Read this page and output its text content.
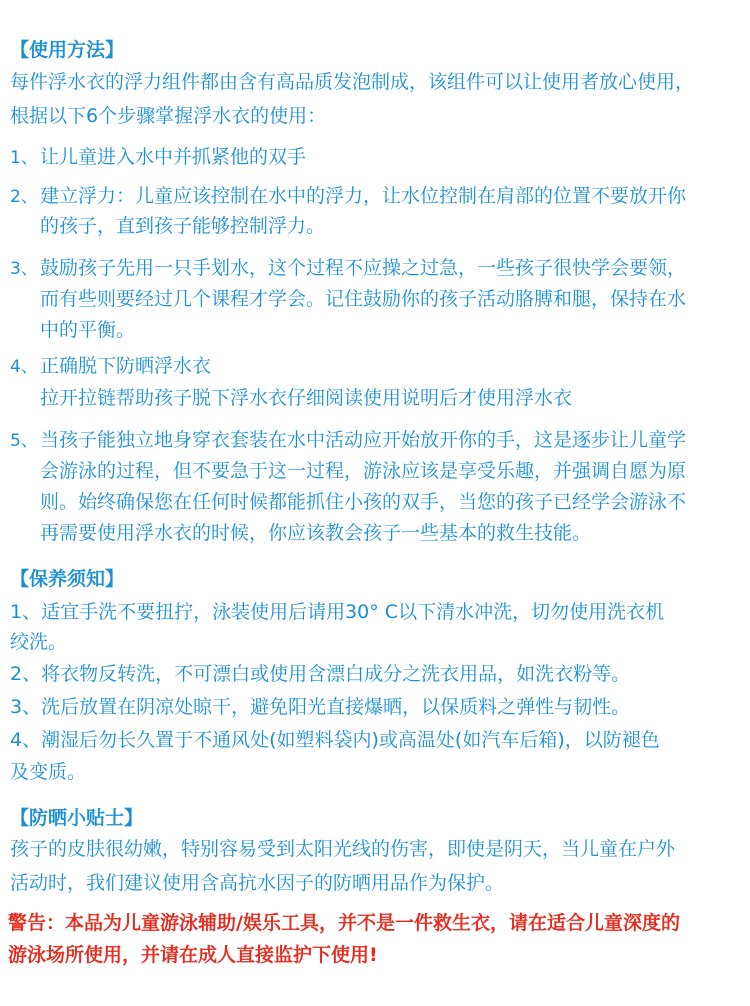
【使用方法】
每件浮水衣的浮力组件都由含有高品质发泡制成，该组件可以让使用者放心使用，
根据以下6个步骤掌握浮水衣的使用：
1、 让儿童进入水中并抓紧他的双手
2、 建立浮力：儿童应该控制在水中的浮力，让水位控制在肩部的位置不要放开你
的孩子，直到孩子能够控制浮力。
3、 鼓励孩子先用一只手划水，这个过程不应操之过急，一些孩子很快学会要领，
而有些则要经过几个课程才学会。记住鼓励你的孩子活动胳膊和腿，保持在水
中的平衡。
4、 正确脱下防晒浮水衣
拉开拉链帮助孩子脱下浮水衣仔细阅读使用说明后才使用浮水衣
5、 当孩子能独立地身穿衣套装在水中活动应开始放开你的手，这是逐步让儿童学
会游泳的过程，但不要急于这一过程，游泳应该是享受乐趣，并强调自愿为原
则。始终确保您在任何时候都能抓住小孩的双手，当您的孩子已经学会游泳不
再需要使用浮水衣的时候，你应该教会孩子一些基本的救生技能。
【保养须知】
1、适宜手洗不要扭拧，泳装使用后请用30° C以下清水冲洗，切勿使用洗衣机
绞洗。
2、将衣物反转洗，不可漂白或使用含漂白成分之洗衣用品，如洗衣粉等。
3、洗后放置在阴凉处晾干，避免阳光直接爆晒，以保质料之弹性与韧性。
4、潮湿后勿长久置于不通风处(如塑料袋内)或高温处(如汽车后箱)，以防褪色
及变质。
【防晒小贴士】
孩子的皮肤很幼嫩，特别容易受到太阳光线的伤害，即使是阴天，当儿童在户外
活动时，我们建议使用含高抗水因子的防晒用品作为保护。
警告：本品为儿童游泳辅助/娱乐工具，并不是一件救生衣，请在适合儿童深度的
游泳场所使用，并请在成人直接监护下使用!
